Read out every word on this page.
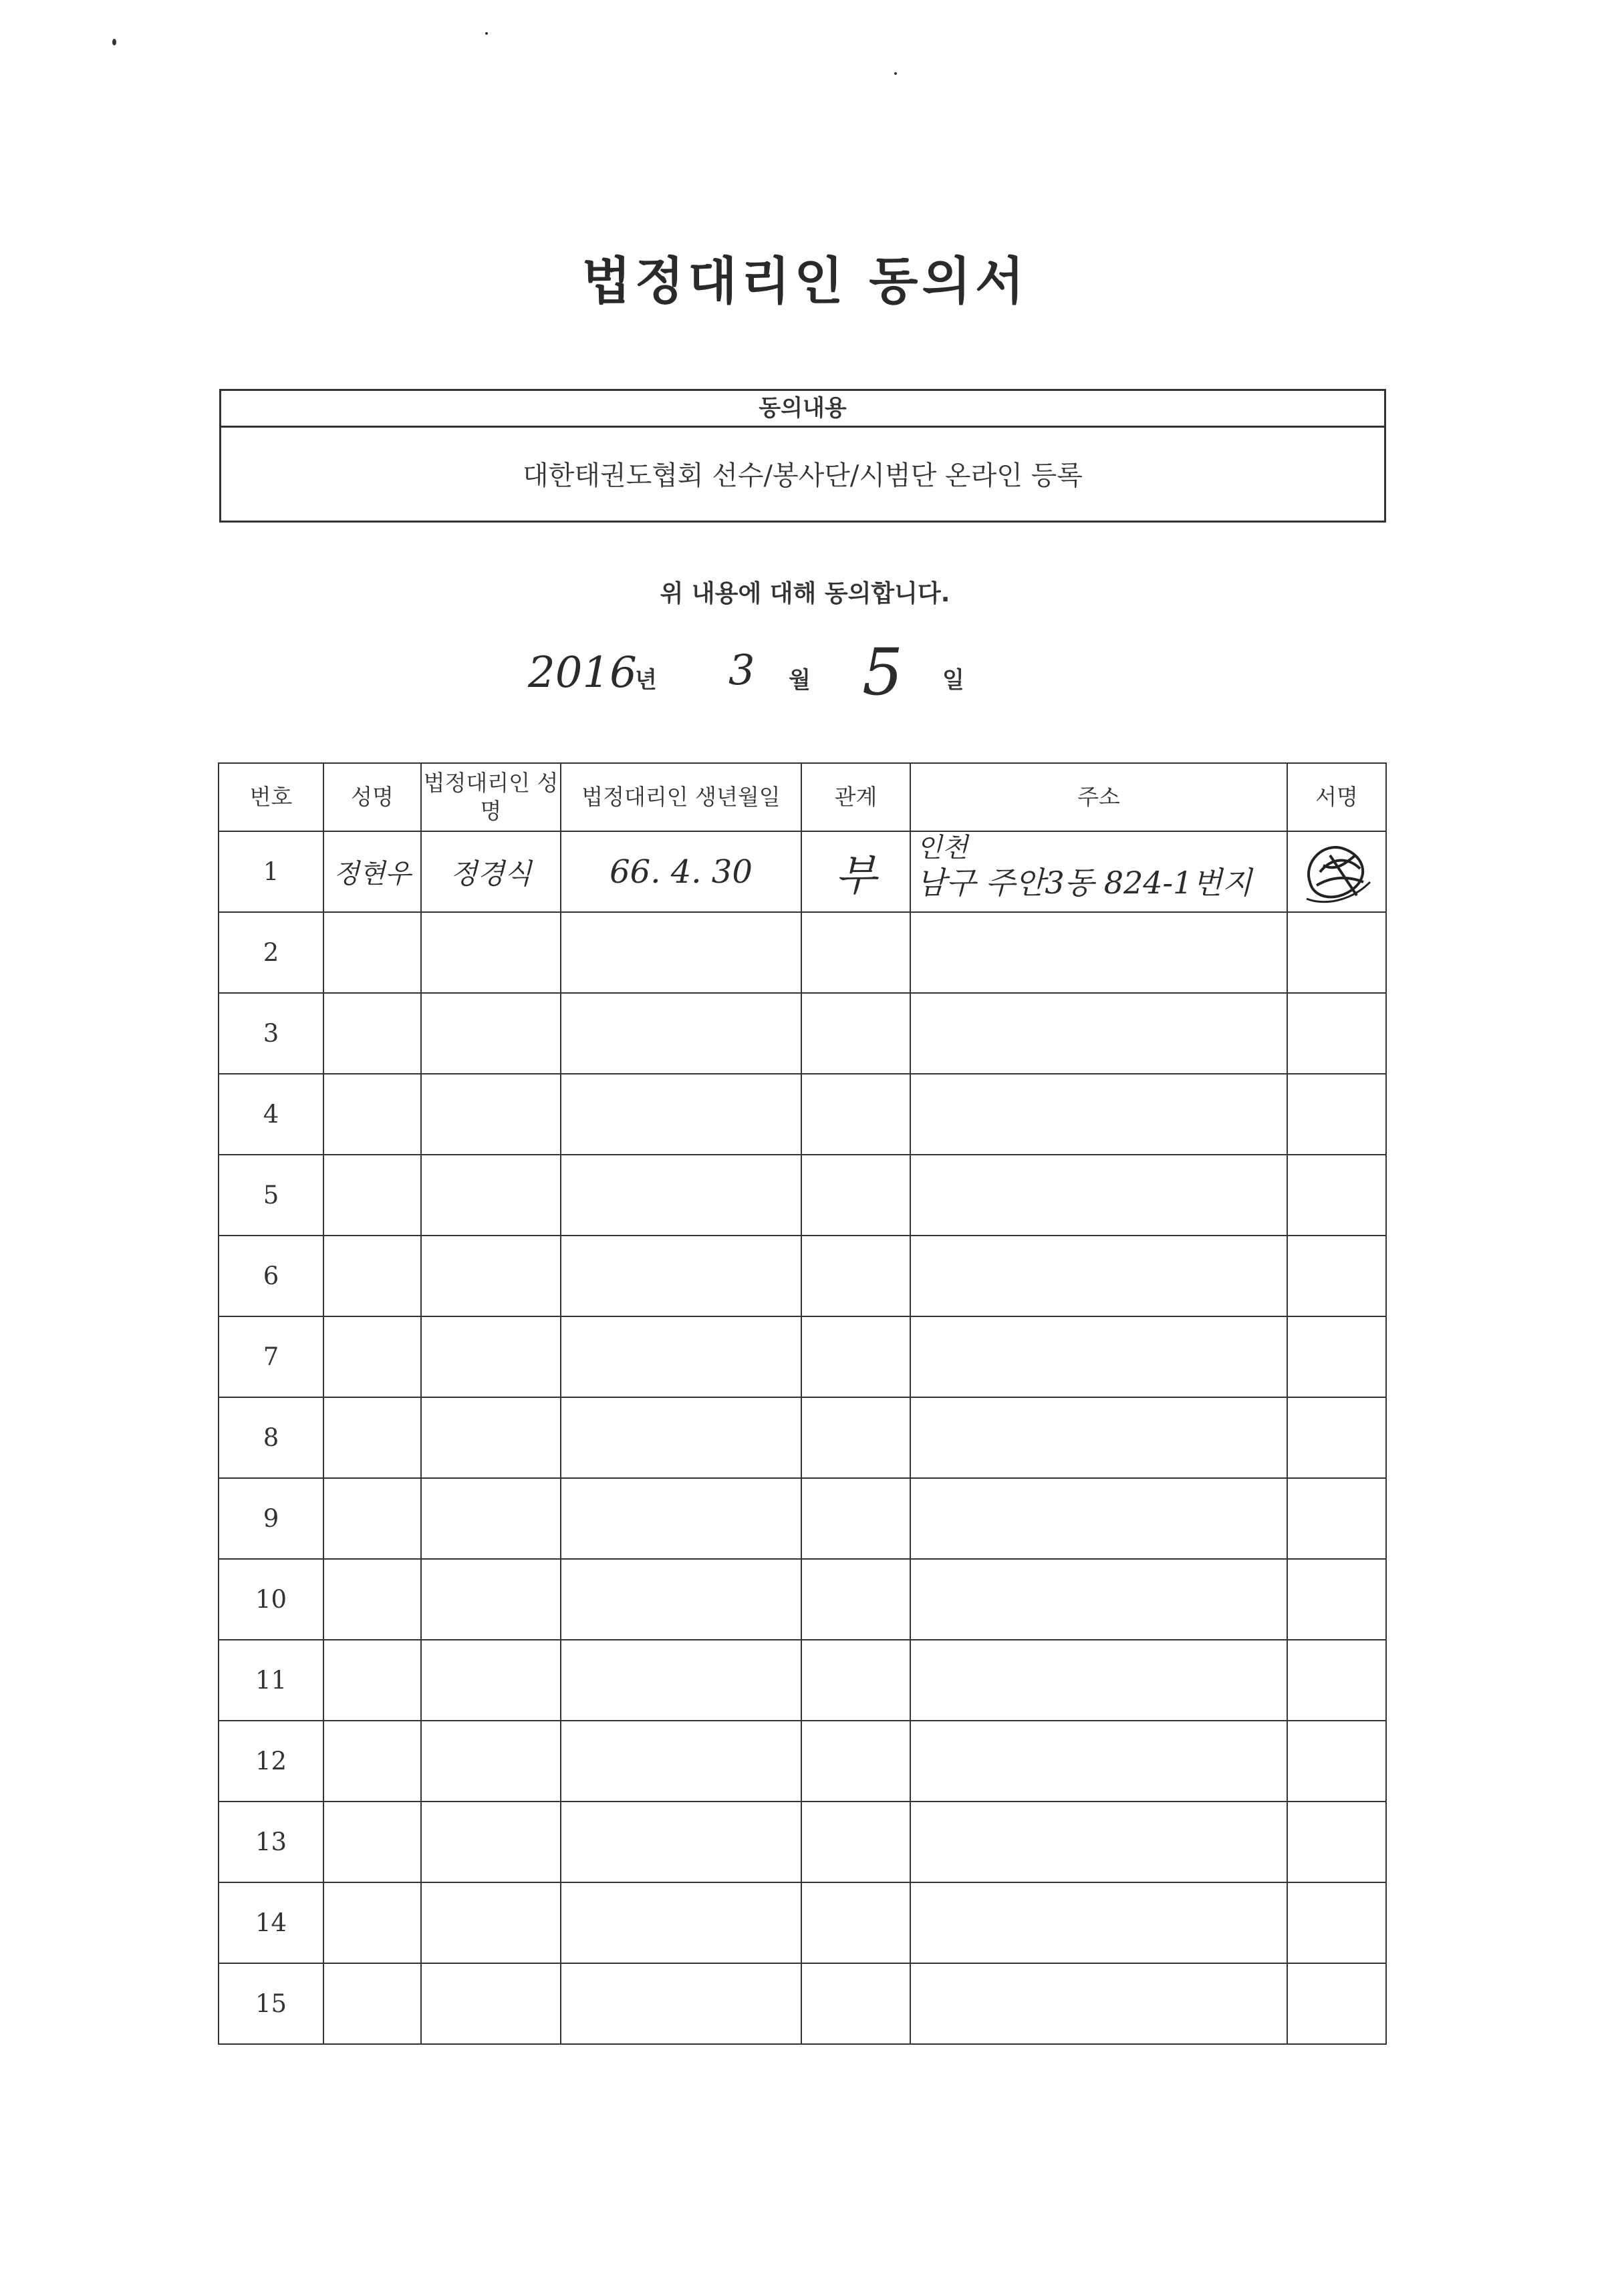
법정대리인 동의서
동의내용
대한태권도협회 선수/봉사단/시범단 온라인 등록
위 내용에 대해 동의합니다.
2016
년 3 월 5 일
번호	성명	법정대리인 성명	법정대리인 생년월일	관계	주소	서명
1	정현우	정경식	66. 4. 30	부	인천
남구 주안3동 824-1번지

2						
3						
4						
5						
6						
7						
8						
9						
10						
11						
12						
13						
14						
15						
